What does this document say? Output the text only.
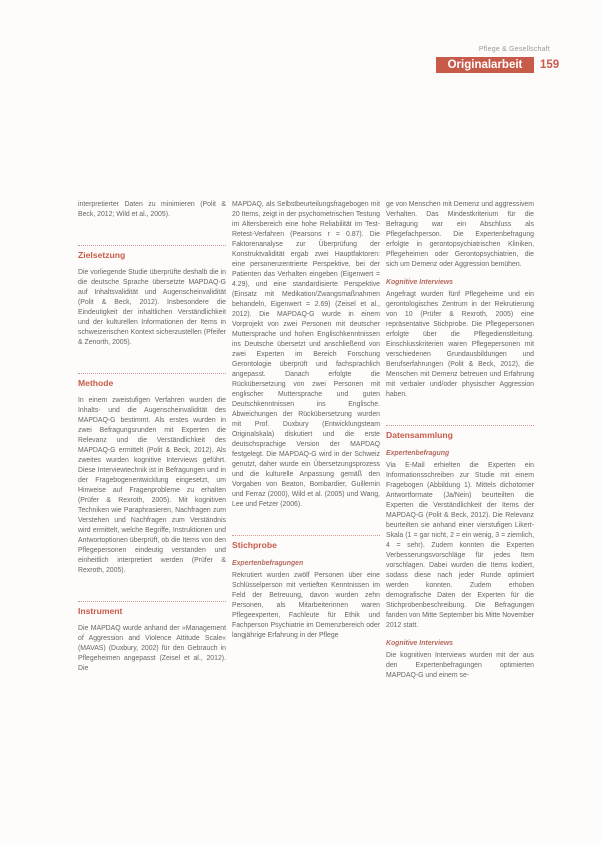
Pflege & Gesellschaft
Originalarbeit	159

interpretierter Daten zu minimieren (Polit & Beck, 2012; Wild et al., 2005).

Zielsetzung

Die vorliegende Studie überprüfte deshalb die in die deutsche Sprache übersetzte MAPDAQ-G auf Inhaltsvalidität und Augenscheinvalidität (Polit & Beck, 2012). Insbesondere die Eindeutigkeit der inhaltlichen Verständlichkeit und der kulturellen Informationen der Items in schweizerischen Kontext sicherzustellen (Pfeifer & Zenorth, 2005).

Methode

In einem zweistufigen Verfahren wurden die Inhalts- und die Augenscheinvalidität des MAPDAQ-G bestimmt. Als erstes wurden in zwei Befragungsrunden mit Experten die Relevanz und die Verständlichkeit des MAPDAQ-G ermittelt (Polit & Beck, 2012). Als zweites wurden kognitive Interviews geführt. Diese Interviewtechnik ist in Befragungen und in der Fragebogenentwicklung eingesetzt, um Hinweise auf Fragenprobleme zu erhalten (Prüfer & Rexroth, 2005). Mit kognitiven Techniken wie Paraphrasieren, Nachfragen zum Verstehen und Nachfragen zum Verständnis wird ermittelt, welche Begriffe, Instruktionen und Antwortoptionen überprüft, ob die Items von den Pflegepersonen eindeutig verstanden und einheitlich interpretiert werden (Prüfer & Rexroth, 2005).

Instrument

Die MAPDAQ wurde anhand der »Management of Aggression and Violence Attitude Scale« (MAVAS) (Duxbury, 2002) für den Gebrauch in Pflegeheimen angepasst (Zeisel et al., 2012). Die

MAPDAQ, als Selbstbeurteilungsfragebogen mit 20 Items, zeigt in der psychometrischen Testung im Altersbereich eine hohe Reliabilität im Test-Retest-Verfahren (Pearsons r = 0.87). Die Faktorenanalyse zur Überprüfung der Konstruktvalidität ergab zwei Hauptfaktoren: eine personenzentrierte Perspektive, bei der Patienten das Verhalten eingeben (Eigenwert = 4.29), und eine standardisierte Perspektive (Einsatz mit Medikation/Zwangsmaßnahmen behandeln, Eigenwert = 2.69) (Zeisel et al., 2012). Die MAPDAQ-G wurde in einem Vorprojekt von zwei Personen mit deutscher Muttersprache und hohen Englischkenntnissen ins Deutsche übersetzt und anschließend von zwei Experten im Bereich Forschung Gerontologie überprüft und fachsprachlich angepasst. Danach erfolgte die Rückübersetzung von zwei Personen mit englischer Muttersprache und guten Deutschkenntnissen ins Englische. Abweichungen der Rückübersetzung wurden mit Prof. Duxbury (Entwicklungsteam Originalskala) diskutiert und die erste deutschsprachige Version der MAPDAQ festgelegt. Die MAPDAQ-G wird in der Schweiz genutzt, daher wurde ein Übersetzungsprozess und die kulturelle Anpassung gemäß den Vorgaben von Beaton, Bombardier, Guillemin und Ferraz (2000), Wild et al. (2005) und Wang, Lee und Fetzer (2006).

Stichprobe
Expertenbefragungen

Rekrutiert wurden zwölf Personen über eine Schlüsselperson mit vertieften Kenntnissen im Feld der Betreuung, davon wurden zehn Personen, als Mitarbeiterinnen waren Pflegeexperten, Fachleute für Ethik und Fachperson Psychiatrie im Demenzbereich oder langjährige Erfahrung in der Pflege

ge von Menschen mit Demenz und aggressivem Verhalten. Das Mindestkriterium für die Befragung war ein Abschluss als Pflegefachperson. Die Expertenbefragung erfolgte in gerontopsychiatrischen Kliniken, Pflegeheimen oder Gerontopsychiatrien, die sich um Demenz oder Aggression bemühen.

Kognitive Interviews

Angefragt wurden fünf Pflegeheime und ein gerontologisches Zentrum in der Rekrutierung von 10 (Prüfer & Rexroth, 2005) eine repräsentative Stichprobe. Die Pflegepersonen erfolgte über die Pflegedienstleitung. Einschlusskriterien waren Pflegepersonen mit verschiedenen Grundausbildungen und Berufserfahrungen (Polit & Beck, 2012), die Menschen mit Demenz betreuen und Erfahrung mit verbaler und/oder physischer Aggression haben.

Datensammlung
Expertenbefragung

Via E-Mail erhielten die Experten ein Informationsschreiben zur Studie mit einem Fragebogen (Abbildung 1). Mittels dichotomer Antwortformate (Ja/Nein) beurteilten die Experten die Verständlichkeit der Items der MAPDAQ-G (Polit & Beck, 2012). Die Relevanz beurteilten sie anhand einer vierstufigen Likert-Skala (1 = gar nicht, 2 = ein wenig, 3 = ziemlich, 4 = sehr). Zudem konnten die Experten Verbesserungsvorschläge für jedes Item vorschlagen. Dabei wurden die Items kodiert, sodass diese nach jeder Runde optimiert werden konnten. Zudem erhoben demografische Daten der Experten für die Stichprobenbeschreibung. Die Befragungen fanden von Mitte September bis Mitte November 2012 statt.

Kognitive Interviews

Die kognitiven Interviews wurden mit der aus den Expertenbefragungen optimierten MAPDAQ-G und einem se-
